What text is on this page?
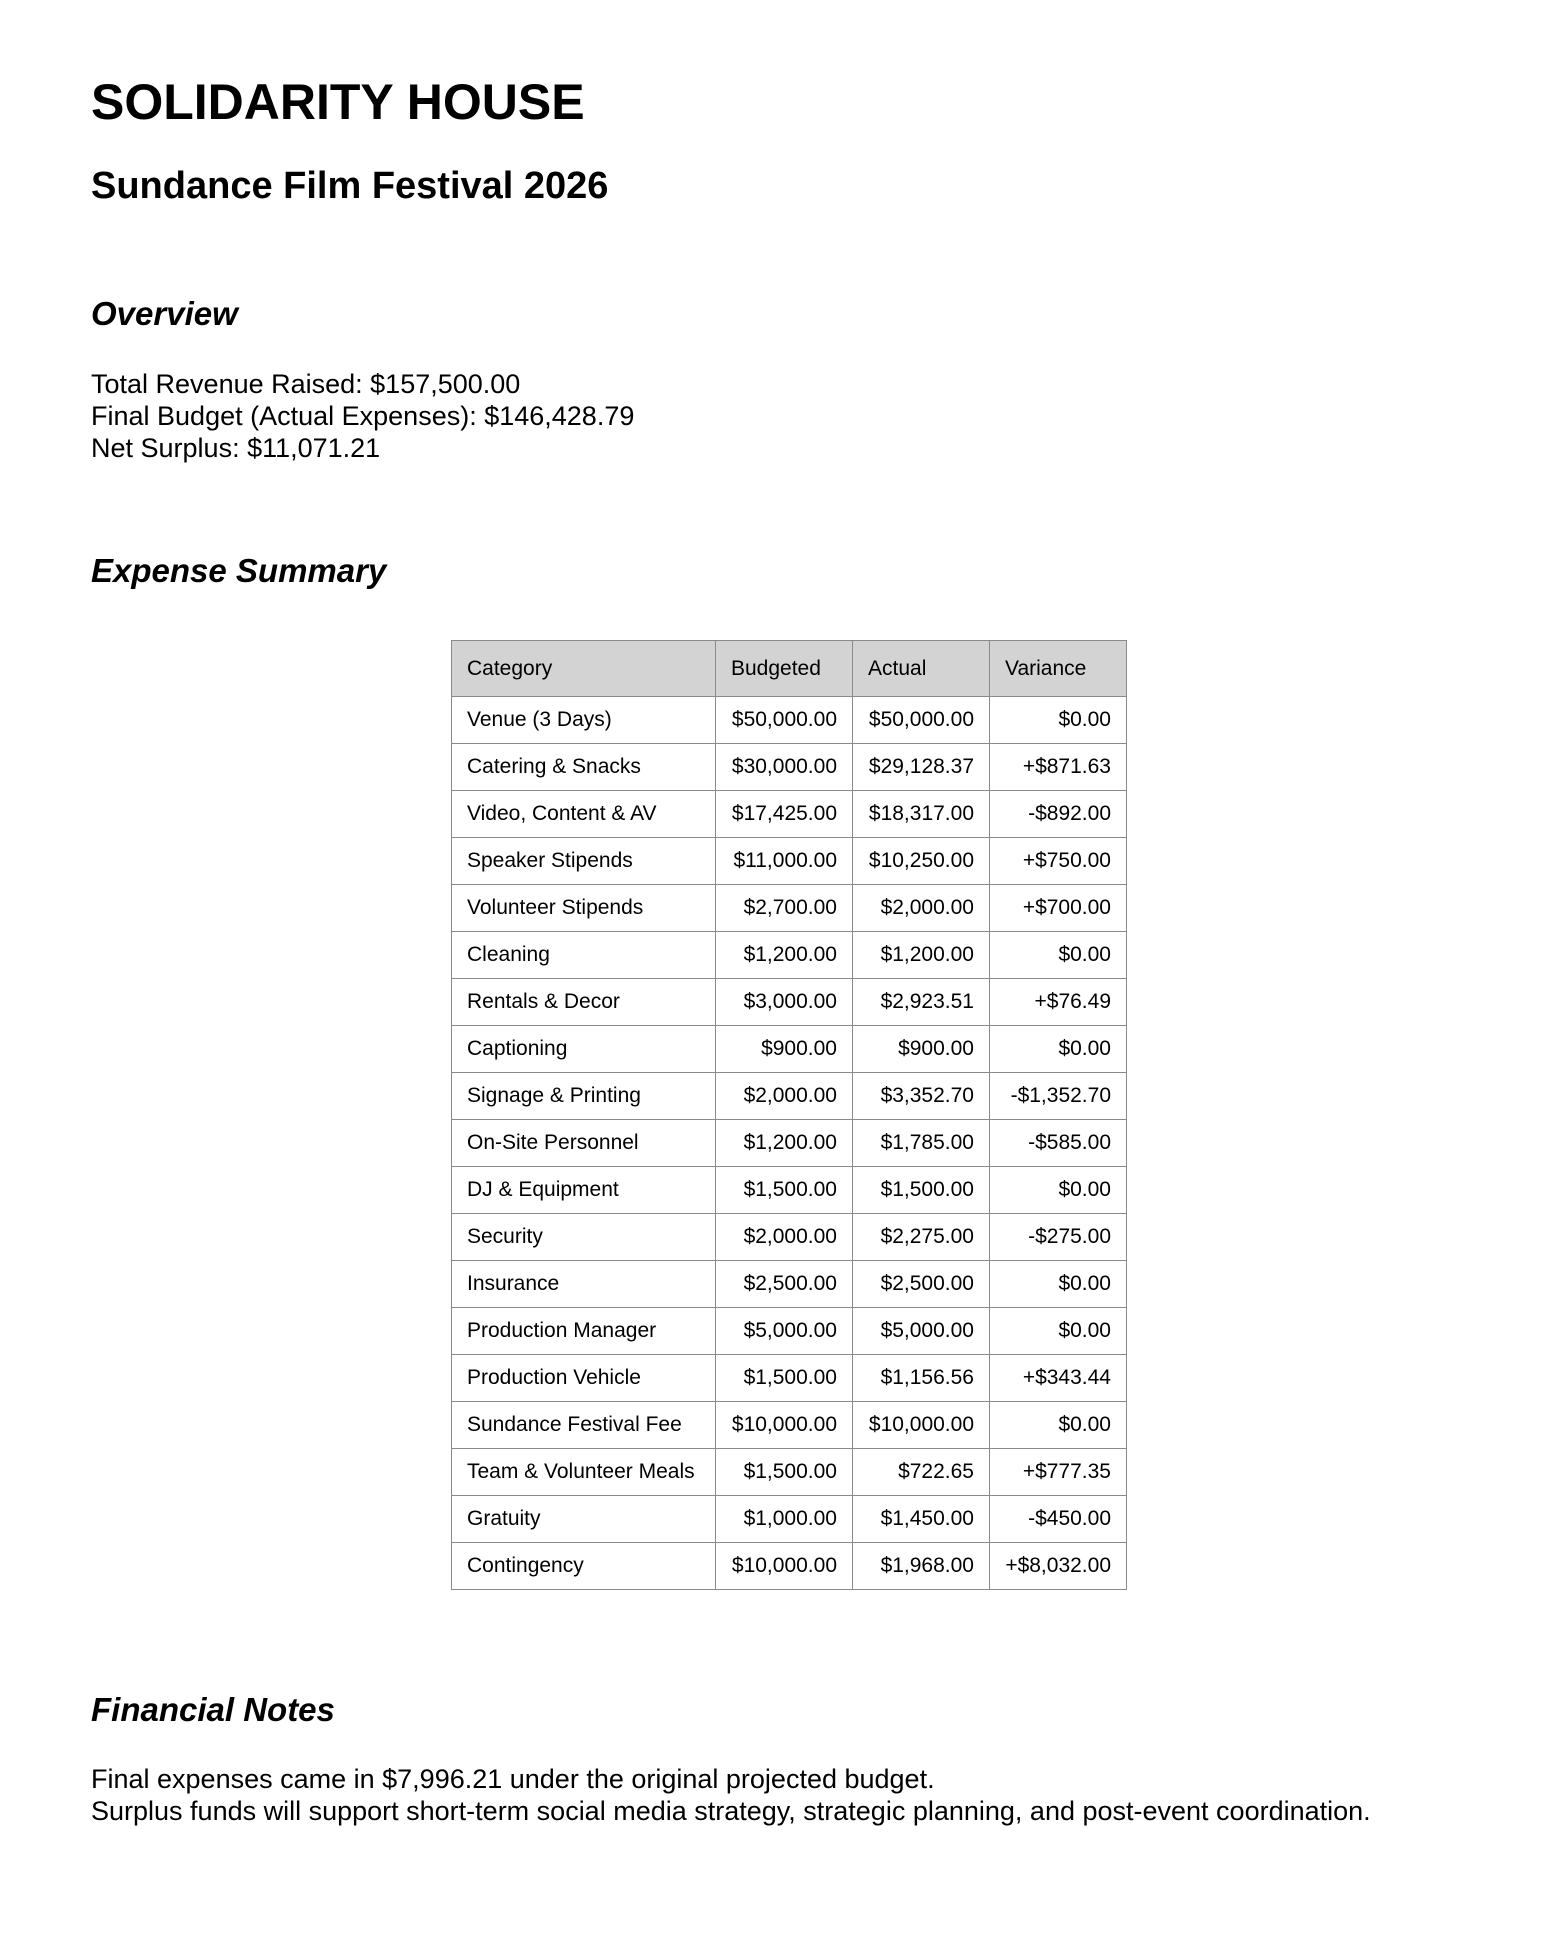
SOLIDARITY HOUSE
Sundance Film Festival 2026
Overview
Total Revenue Raised: $157,500.00
Final Budget (Actual Expenses): $146,428.79
Net Surplus: $11,071.21
Expense Summary
Category	Budgeted	Actual	Variance
Venue (3 Days)	$50,000.00	$50,000.00	$0.00
Catering & Snacks	$30,000.00	$29,128.37	+$871.63
Video, Content & AV	$17,425.00	$18,317.00	-$892.00
Speaker Stipends	$11,000.00	$10,250.00	+$750.00
Volunteer Stipends	$2,700.00	$2,000.00	+$700.00
Cleaning	$1,200.00	$1,200.00	$0.00
Rentals & Decor	$3,000.00	$2,923.51	+$76.49
Captioning	$900.00	$900.00	$0.00
Signage & Printing	$2,000.00	$3,352.70	-$1,352.70
On-Site Personnel	$1,200.00	$1,785.00	-$585.00
DJ & Equipment	$1,500.00	$1,500.00	$0.00
Security	$2,000.00	$2,275.00	-$275.00
Insurance	$2,500.00	$2,500.00	$0.00
Production Manager	$5,000.00	$5,000.00	$0.00
Production Vehicle	$1,500.00	$1,156.56	+$343.44
Sundance Festival Fee	$10,000.00	$10,000.00	$0.00
Team & Volunteer Meals	$1,500.00	$722.65	+$777.35
Gratuity	$1,000.00	$1,450.00	-$450.00
Contingency	$10,000.00	$1,968.00	+$8,032.00
Financial Notes
Final expenses came in $7,996.21 under the original projected budget.
Surplus funds will support short-term social media strategy, strategic planning, and post-event coordination.
